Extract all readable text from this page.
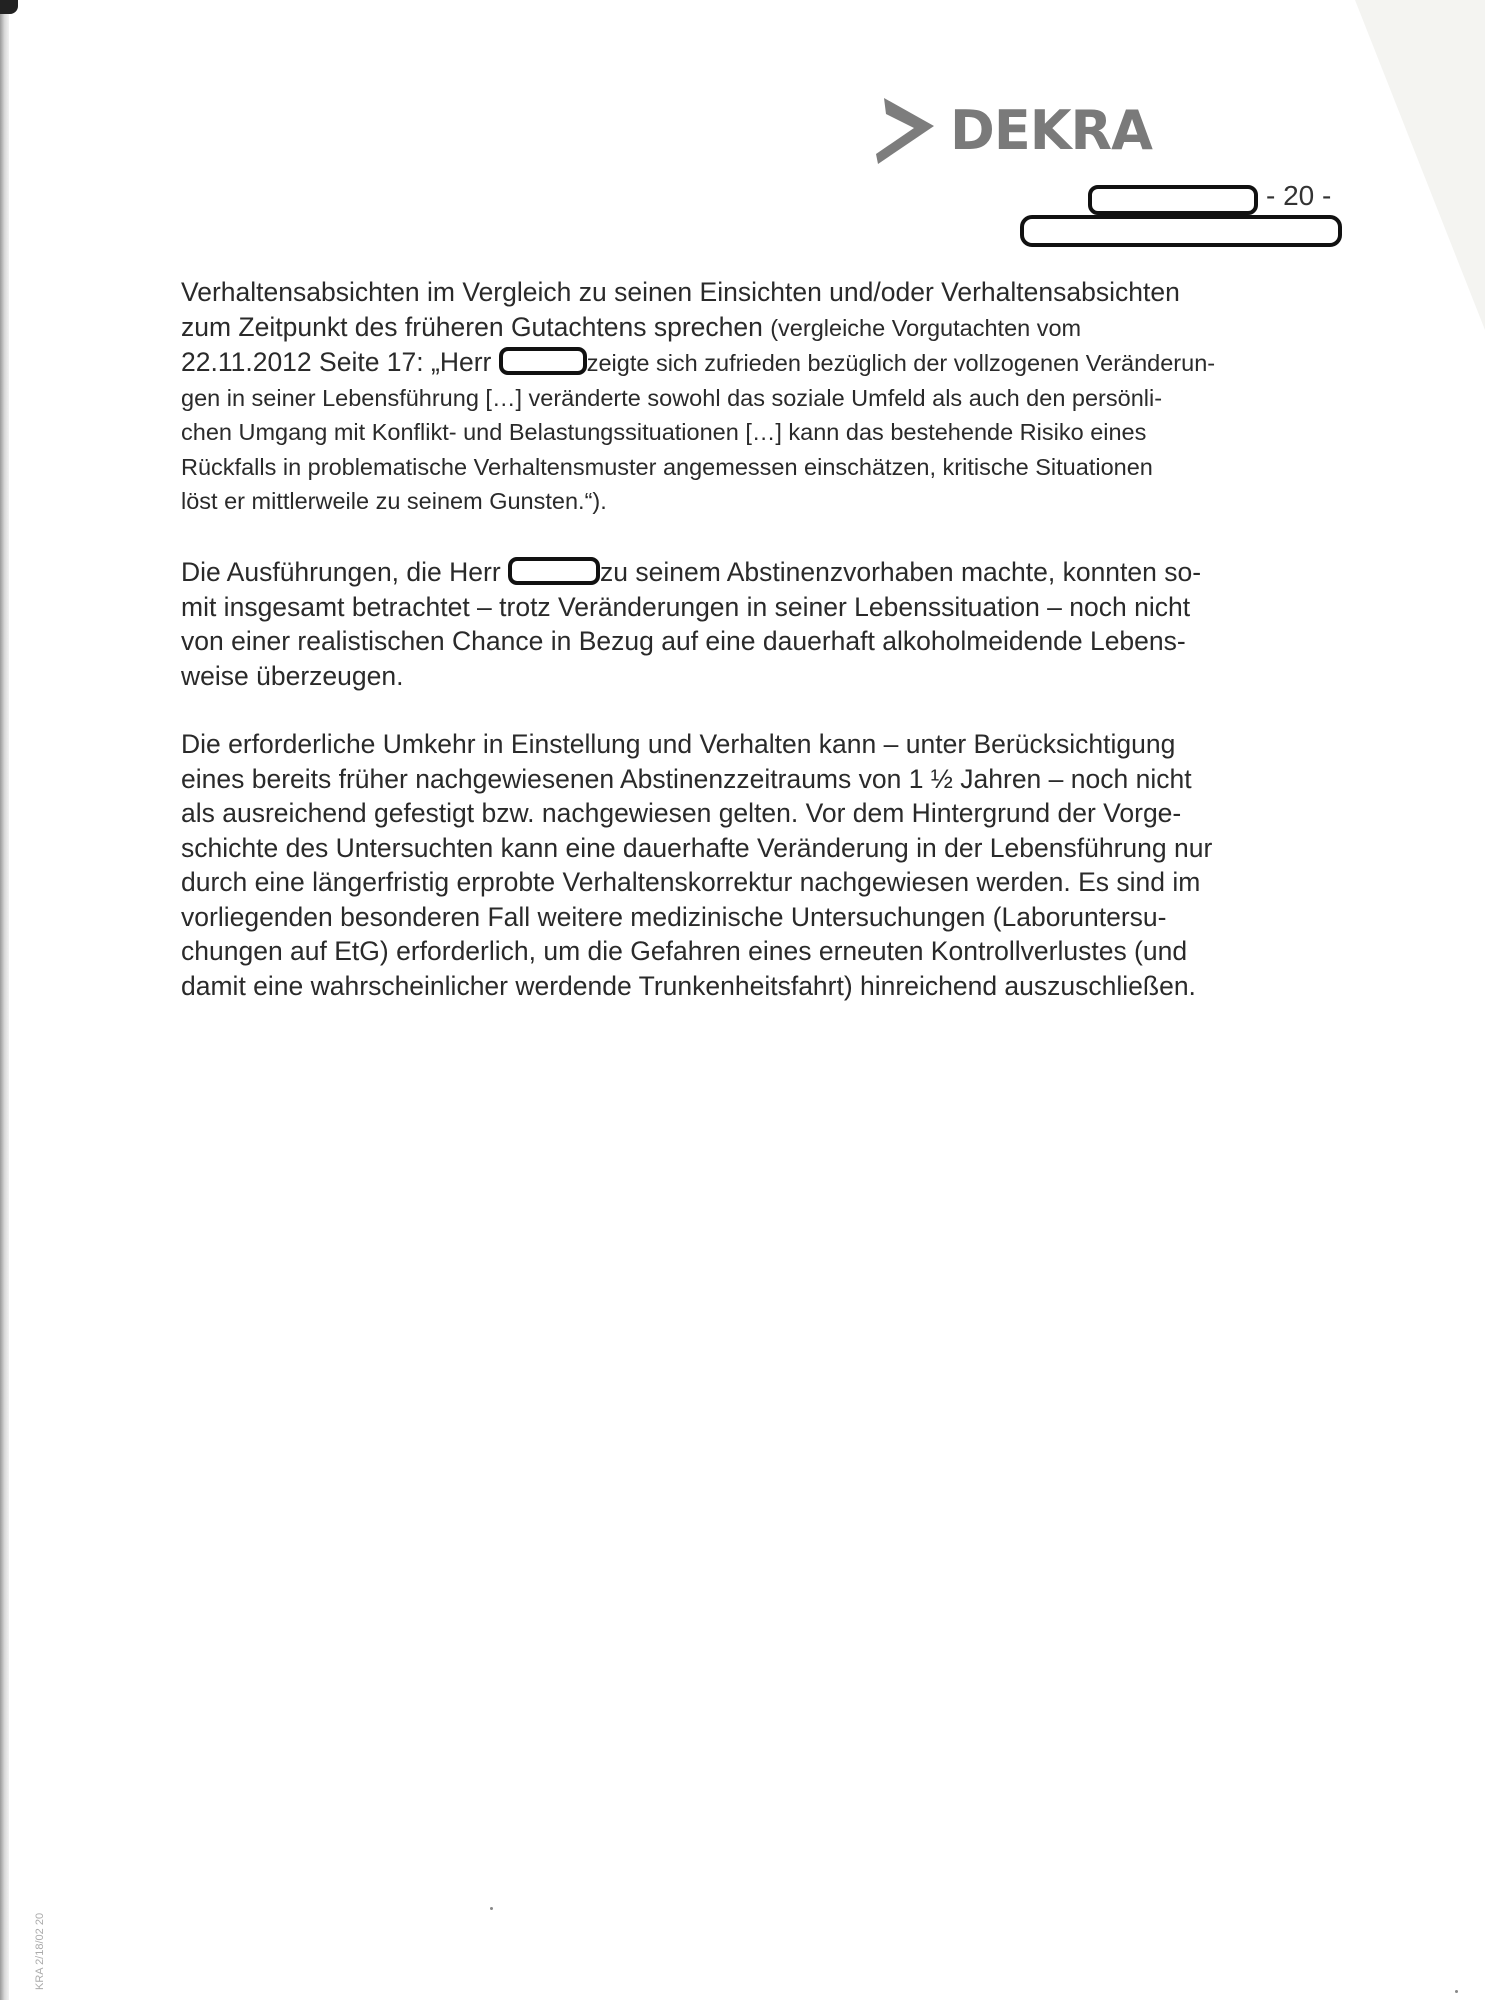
DEKRA
- 20 -
Verhaltensabsichten im Vergleich zu seinen Einsichten und/oder Verhaltensabsichten
zum Zeitpunkt des früheren Gutachtens sprechen (vergleiche Vorgutachten vom
22.11.2012 Seite 17: „Herr	zeigte sich zufrieden bezüglich der vollzogenen Veränderun-
gen in seiner Lebensführung […] veränderte sowohl das soziale Umfeld als auch den persönli-
chen Umgang mit Konflikt- und Belastungssituationen […] kann das bestehende Risiko eines
Rückfalls in problematische Verhaltensmuster angemessen einschätzen, kritische Situationen
löst er mittlerweile zu seinem Gunsten.“).
Die Ausführungen, die Herr	zu seinem Abstinenzvorhaben machte, konnten so-
mit insgesamt betrachtet – trotz Veränderungen in seiner Lebenssituation – noch nicht
von einer realistischen Chance in Bezug auf eine dauerhaft alkoholmeidende Lebens-
weise überzeugen.
Die erforderliche Umkehr in Einstellung und Verhalten kann – unter Berücksichtigung
eines bereits früher nachgewiesenen Abstinenzzeitraums von 1 ½ Jahren – noch nicht
als ausreichend gefestigt bzw. nachgewiesen gelten. Vor dem Hintergrund der Vorge-
schichte des Untersuchten kann eine dauerhafte Veränderung in der Lebensführung nur
durch eine längerfristig erprobte Verhaltenskorrektur nachgewiesen werden. Es sind im
vorliegenden besonderen Fall weitere medizinische Untersuchungen (Laboruntersu-
chungen auf EtG) erforderlich, um die Gefahren eines erneuten Kontrollverlustes (und
damit eine wahrscheinlicher werdende Trunkenheitsfahrt) hinreichend auszuschließen.
KRA 2/18/02 20
